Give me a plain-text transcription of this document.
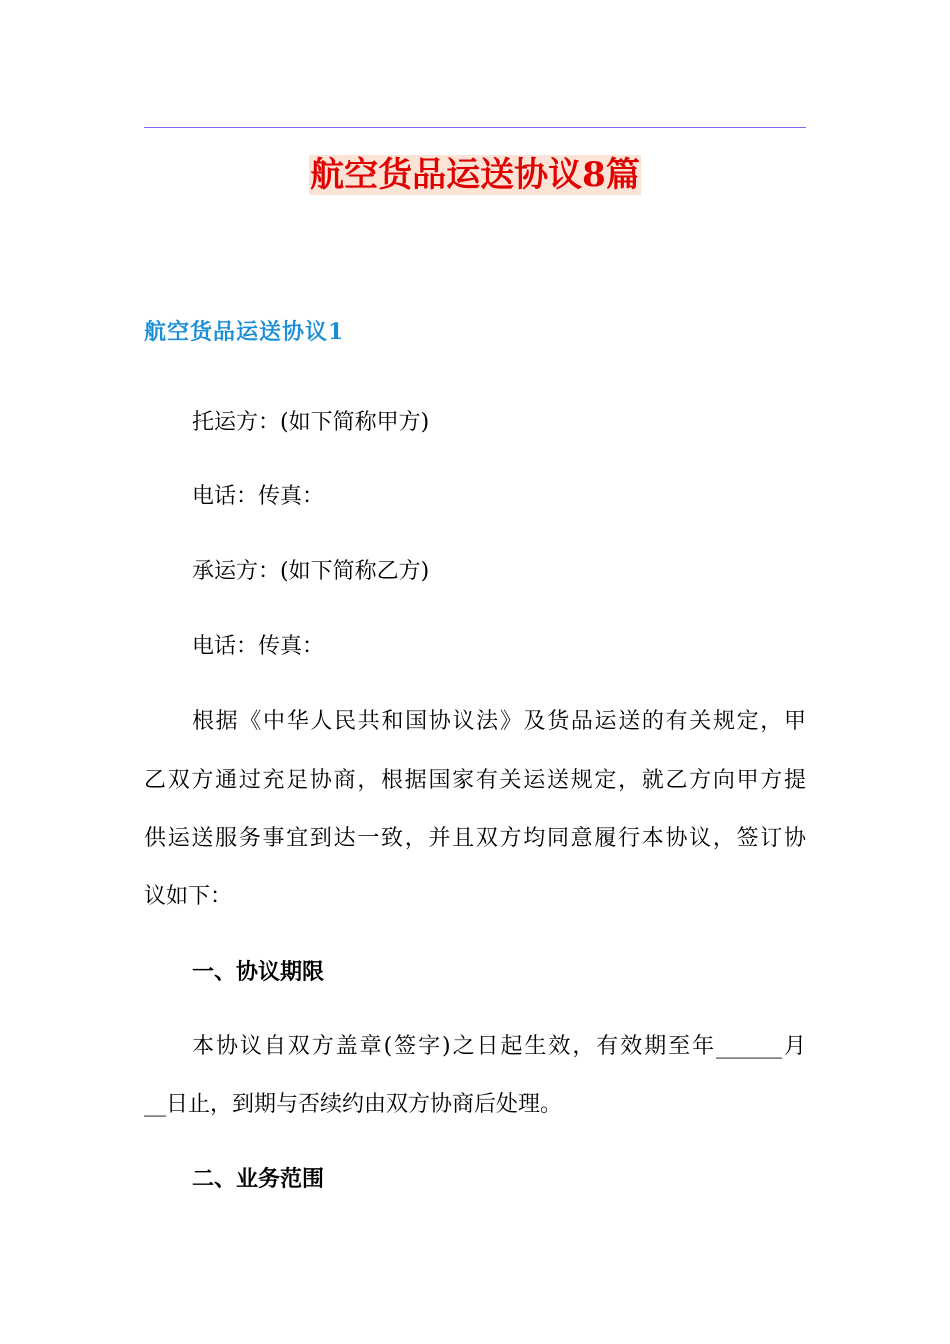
航空货品运送协议8篇
航空货品运送协议1

托运方：(如下简称甲方)

电话：传真：

承运方：(如下简称乙方)

电话：传真：

根据《中华人民共和国协议法》及货品运送的有关规定，甲

乙双方通过充足协商，根据国家有关运送规定，就乙方向甲方提

供运送服务事宜到达一致，并且双方均同意履行本协议，签订协

议如下：

一、协议期限

本协议自双方盖章(签字)之日起生效，有效期至年______月

__日止，到期与否续约由双方协商后处理。

二、业务范围
